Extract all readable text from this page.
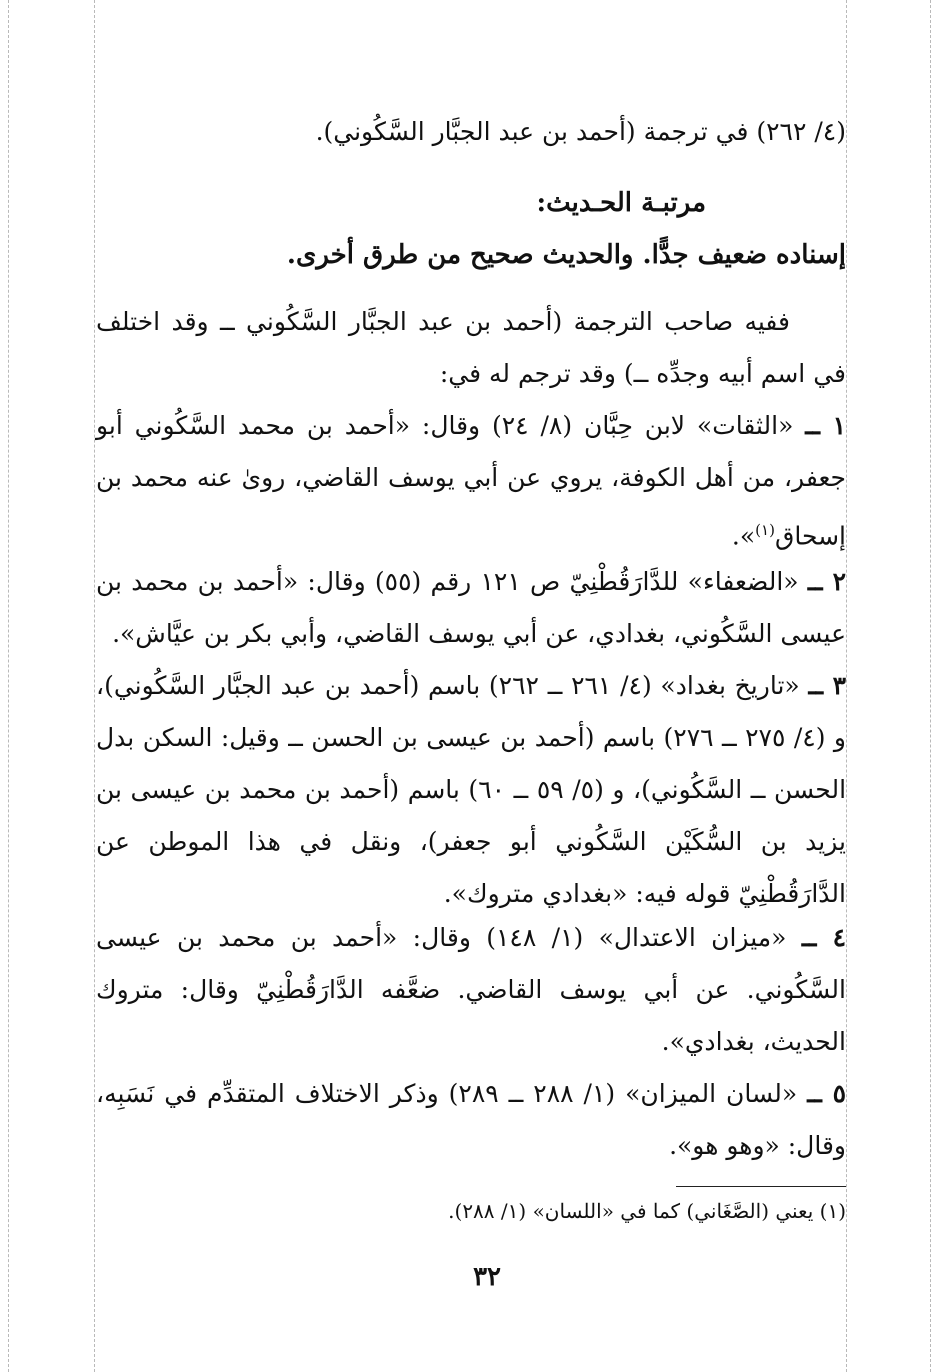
(٤/ ٢٦٢) في ترجمة (أحمد بن عبد الجبَّار السَّكُوني).
مرتبـة الحـديث:
إسناده ضعيف جدًّا. والحديث صحيح من طرق أخرى.
ففيه صاحب الترجمة (أحمد بن عبد الجبَّار السَّكُوني ــ وقد اختلف في اسم أبيه وجدِّه ــ) وقد ترجم له في:
١ ــ «الثقات» لابن حِبَّان (٨/ ٢٤) وقال: «أحمد بن محمد السَّكُوني أبو جعفر، من أهل الكوفة، يروي عن أبي يوسف القاضي، روىٰ عنه محمد بن إسحاق$^{(١)}$».
٢ ــ «الضعفاء» للدَّارَقُطْنِيّ ص ١٢١ رقم (٥٥) وقال: «أحمد بن محمد بن عيسى السَّكُوني، بغدادي، عن أبي يوسف القاضي، وأبي بكر بن عيَّاش».
٣ ــ «تاريخ بغداد» (٤/ ٢٦١ ــ ٢٦٢) باسم (أحمد بن عبد الجبَّار السَّكُوني)، و (٤/ ٢٧٥ ــ ٢٧٦) باسم (أحمد بن عيسى بن الحسن ــ وقيل: السكن بدل الحسن ــ السَّكُوني)، و (٥/ ٥٩ ــ ٦٠) باسم (أحمد بن محمد بن عيسى بن يزيد بن السُّكَيْن السَّكُوني أبو جعفر)، ونقل في هذا الموطن عن الدَّارَقُطْنِيّ قوله فيه: «بغدادي متروك».
٤ ــ «ميزان الاعتدال» (١/ ١٤٨) وقال: «أحمد بن محمد بن عيسى السَّكُوني. عن أبي يوسف القاضي. ضعَّفه الدَّارَقُطْنِيّ وقال: متروك الحديث، بغدادي».
٥ ــ «لسان الميزان» (١/ ٢٨٨ ــ ٢٨٩) وذكر الاختلاف المتقدِّم في نَسَبِه، وقال: «وهو هو».
(١) يعني (الصَّغَاني) كما في «اللسان» (١/ ٢٨٨).
٣٢
